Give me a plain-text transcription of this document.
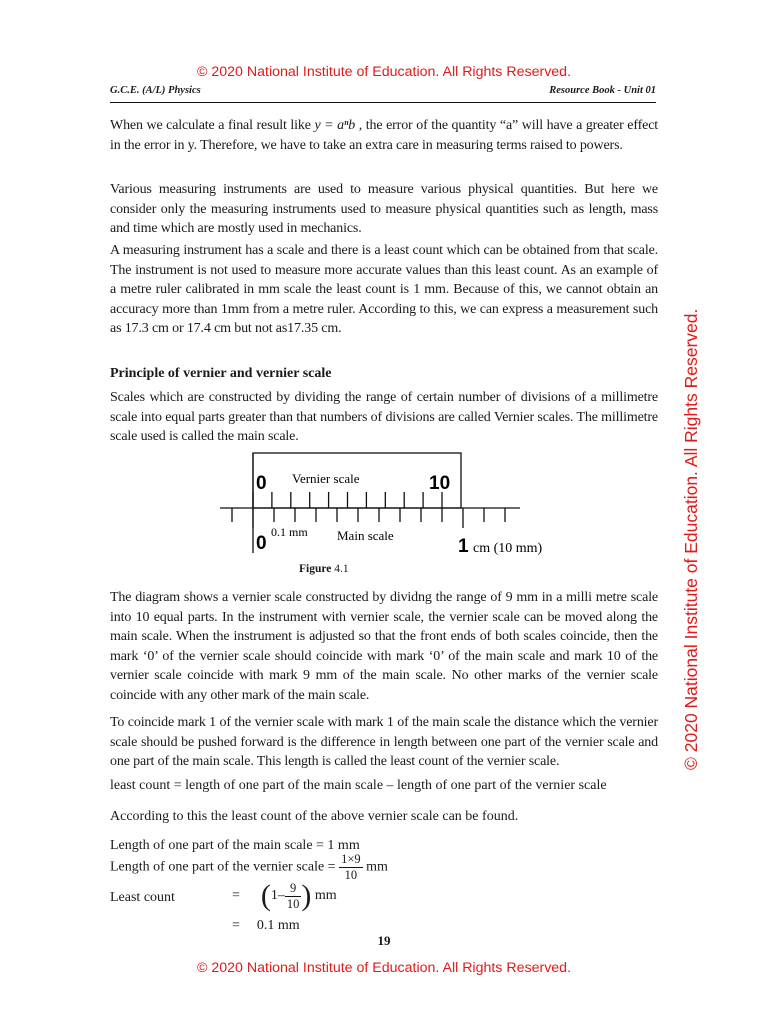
© 2020 National Institute of Education. All Rights Reserved.
G.C.E. (A/L) Physics	Resource Book - Unit 01

When we calculate a final result like y = aⁿb , the error of the quantity “a” will have a greater effect in the error in y. Therefore, we have to take an extra care in measuring terms raised to powers.

Various measuring instruments are used to measure various physical quantities. But here we consider only the measuring instruments used to measure physical quantities such as length, mass and time which are mostly used in mechanics.

A measuring instrument has a scale and there is a least count which can be obtained from that scale. The instrument is not used to measure more accurate values than this least count. As an example of a metre ruler calibrated in mm scale the least count is 1 mm. Because of this, we cannot obtain an accuracy more than 1mm from a metre ruler. According to this, we can express a measurement such as 17.3 cm or 17.4 cm but not as17.35 cm.

Principle of vernier and vernier scale

Scales which are constructed by dividing the range of certain number of divisions of a millimetre scale into equal parts greater than that numbers of divisions are called Vernier scales. The millimetre scale used is called the main scale.

0 Vernier scale	10
0
0.1 mm Main scale
1 cm (10 mm)
Figure 4.1

The diagram shows a vernier scale constructed by dividng the range of 9 mm in a milli metre scale into 10 equal parts. In the instrument with vernier scale, the vernier scale can be moved along the main scale. When the instrument is adjusted so that the front ends of both scales coincide, then the mark ‘0’ of the vernier scale should coincide with mark ‘0’ of the main scale and mark 10 of the vernier scale coincide with mark 9 mm of the main scale. No other marks of the vernier scale coincide with any other mark of the main scale.

To coincide mark 1 of the vernier scale with mark 1 of the main scale the distance which the vernier scale should be pushed forward is the difference in length between one part of the vernier scale and one part of the main scale. This length is called the least count of the vernier scale.

least count = length of one part of the main scale – length of one part of the vernier scale
According to this the least count of the above vernier scale can be found.
Length of one part of the main scale = 1 mm
Length of one part of the vernier scale = $\frac{1\times 9}{10}$ mm
Least count	= ($1- \frac{9}{10}$ ) mm
= 0.1 mm
19
© 2020 National Institute of Education. All Rights Reserved.
© 2020 National Institute of Education. All Rights Reserved.
